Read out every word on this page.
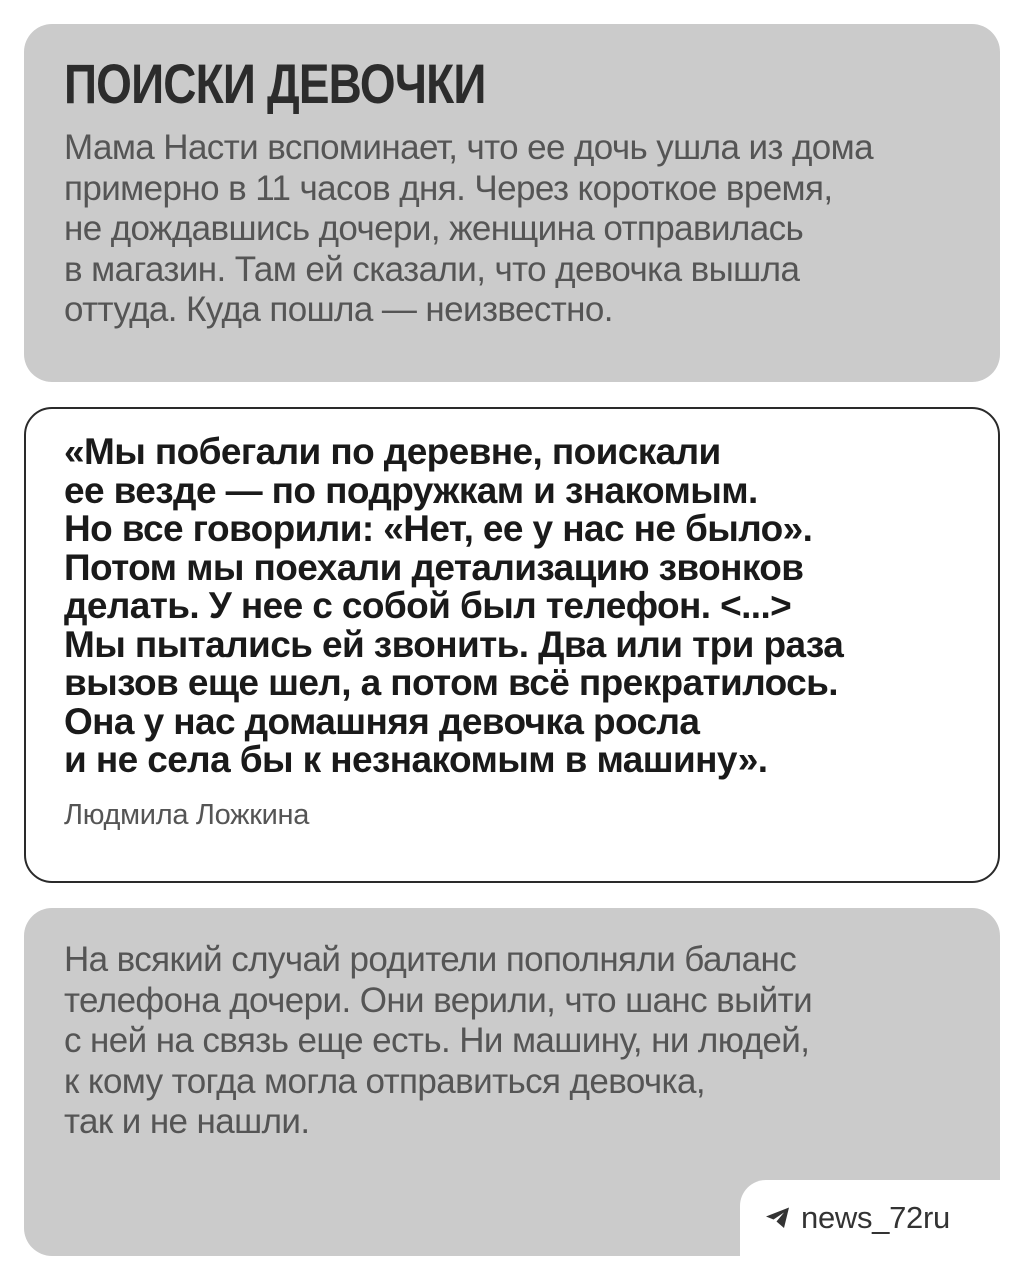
ПОИСКИ ДЕВОЧКИ

Мама Насти вспоминает, что ее дочь ушла из дома
примерно в 11 часов дня. Через короткое время,
не дождавшись дочери, женщина отправилась
в магазин. Там ей сказали, что девочка вышла
оттуда. Куда пошла — неизвестно.

«Мы побегали по деревне, поискали
ее везде — по подружкам и знакомым.
Но все говорили: «Нет, ее у нас не было».
Потом мы поехали детализацию звонков
делать. У нее с собой был телефон. <...>
Мы пытались ей звонить. Два или три раза
вызов еще шел, а потом всё прекратилось.
Она у нас домашняя девочка росла
и не села бы к незнакомым в машину».

Людмила Ложкина

На всякий случай родители пополняли баланс
телефона дочери. Они верили, что шанс выйти
с ней на связь еще есть. Ни машину, ни людей,
к кому тогда могла отправиться девочка,
так и не нашли.

news_72ru
